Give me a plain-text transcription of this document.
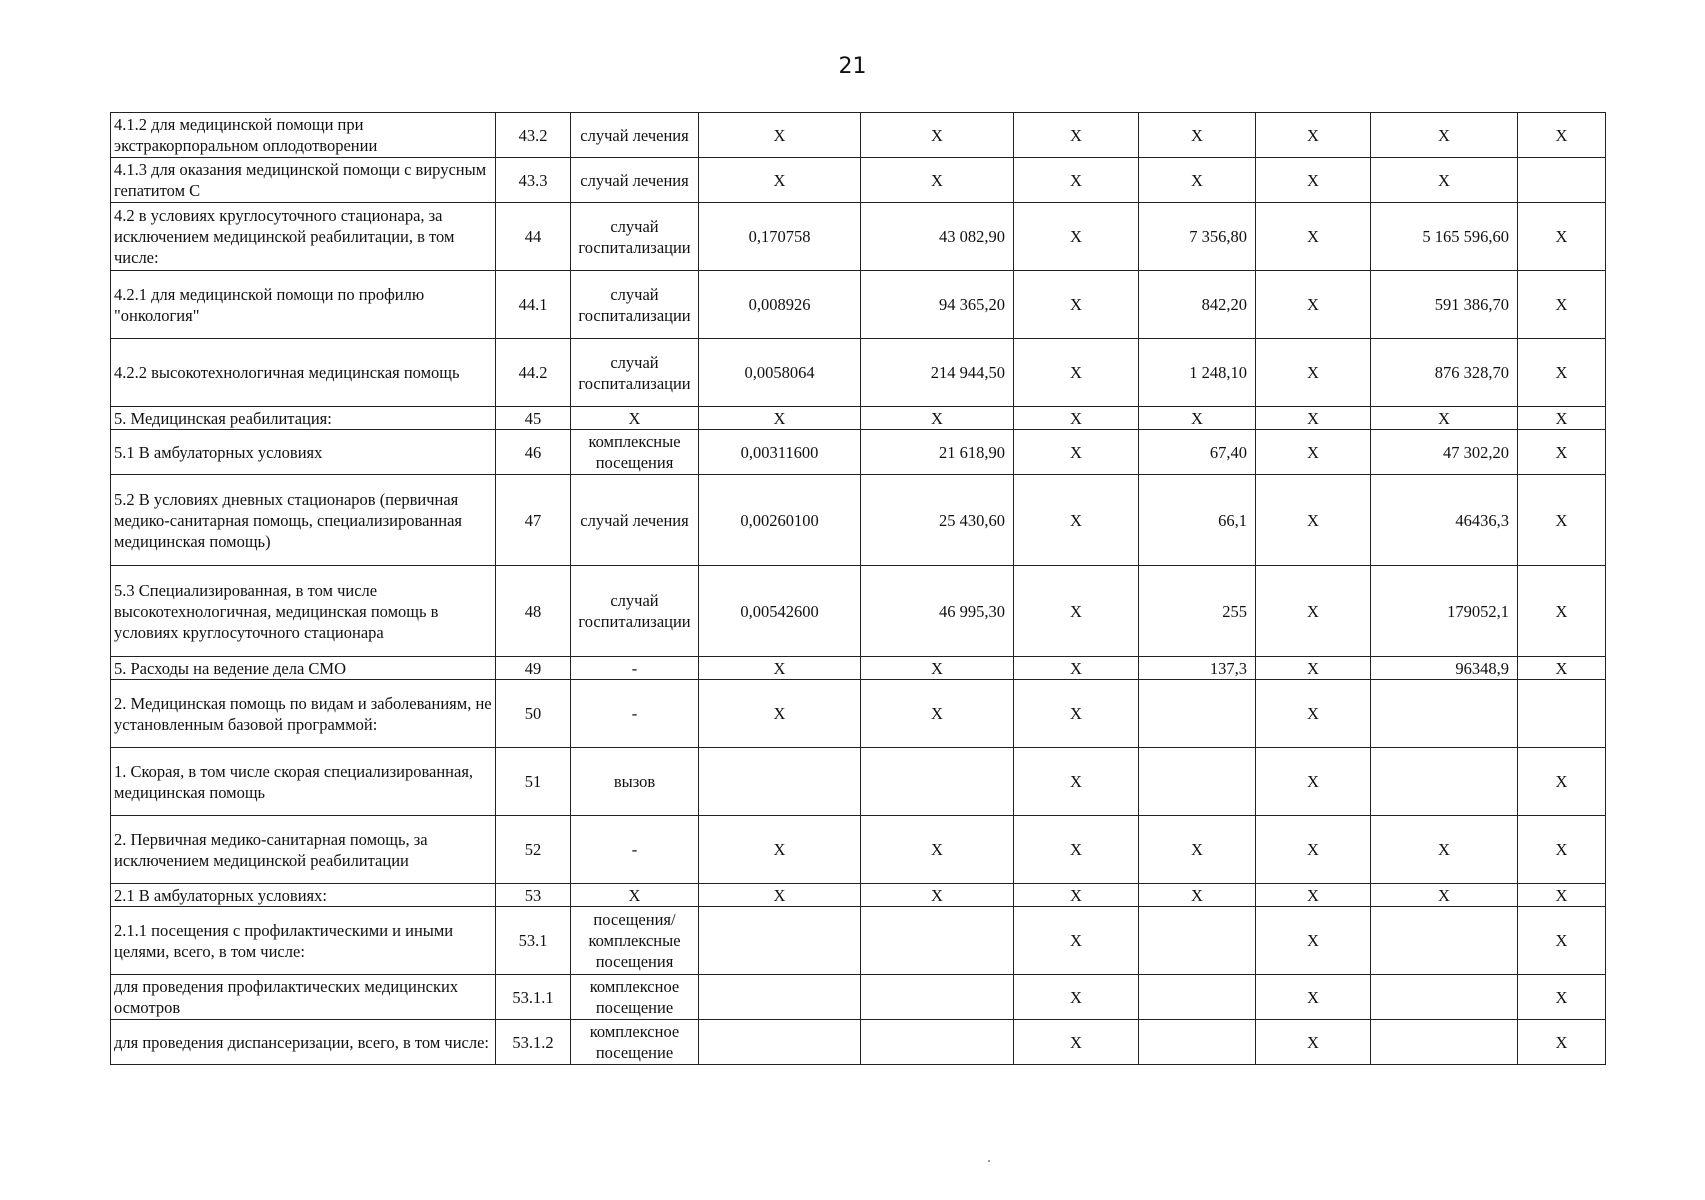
21
4.1.2 для медицинской помощи при экстракорпоральном оплодотворении	43.2	случай лечения	X	X	X	X	X	X	X
4.1.3 для оказания медицинской помощи с вирусным гепатитом С	43.3	случай лечения	X	X	X	X	X	X	
4.2 в условиях круглосуточного стационара, за исключением медицинской реабилитации, в том числе:	44	случай госпитализации	0,170758	43 082,90	X	7 356,80	X	5 165 596,60	X
4.2.1 для медицинской помощи по профилю "онкология"	44.1	случай госпитализации	0,008926	94 365,20	X	842,20	X	591 386,70	X
4.2.2 высокотехнологичная медицинская помощь	44.2	случай госпитализации	0,0058064	214 944,50	X	1 248,10	X	876 328,70	X
5. Медицинская реабилитация:	45	X	X	X	X	X	X	X	X
5.1 В амбулаторных условиях	46	комплексные посещения	0,00311600	21 618,90	X	67,40	X	47 302,20	X
5.2 В условиях дневных стационаров (первичная медико-санитарная помощь, специализированная медицинская помощь)	47	случай лечения	0,00260100	25 430,60	X	66,1	X	46436,3	X
5.3 Специализированная, в том числе высокотехнологичная, медицинская помощь в условиях круглосуточного стационара	48	случай госпитализации	0,00542600	46 995,30	X	255	X	179052,1	X
5. Расходы на ведение дела СМО	49	-	X	X	X	137,3	X	96348,9	X
2. Медицинская помощь по видам и заболеваниям, не установленным базовой программой:	50	-	X	X	X		X		
1. Скорая, в том числе скорая специализированная, медицинская помощь	51	вызов			X		X		X
2. Первичная медико-санитарная помощь, за исключением медицинской реабилитации	52	-	X	X	X	X	X	X	X
2.1 В амбулаторных условиях:	53	X	X	X	X	X	X	X	X
2.1.1 посещения с профилактическими и иными целями, всего, в том числе:	53.1	посещения/комплексные посещения			X		X		X
для проведения профилактических медицинских осмотров	53.1.1	комплексное посещение			X		X		X
для проведения диспансеризации, всего, в том числе:	53.1.2	комплексное посещение			X		X		X
